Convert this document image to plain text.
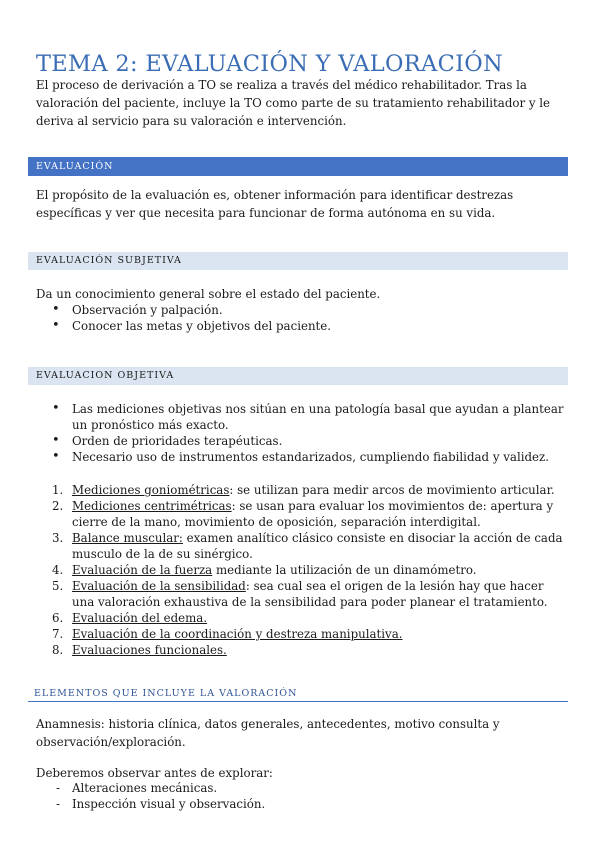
TEMA 2: EVALUACIÓN Y VALORACIÓN

El proceso de derivación a TO se realiza a través del médico rehabilitador. Tras la valoración del paciente, incluye la TO como parte de su tratamiento rehabilitador y le deriva al servicio para su valoración e intervención.

EVALUACIÓN

El propósito de la evaluación es, obtener información para identificar destrezas específicas y ver que necesita para funcionar de forma autónoma en su vida.

EVALUACIÓN SUBJETIVA

Da un conocimiento general sobre el estado del paciente.

• Observación y palpación.
• Conocer las metas y objetivos del paciente.
EVALUACION OBJETIVA
• Las mediciones objetivas nos sitúan en una patología basal que ayudan a plantear un pronóstico más exacto.
• Orden de prioridades terapéuticas.
• Necesario uso de instrumentos estandarizados, cumpliendo fiabilidad y validez.
1. Mediciones goniométricas: se utilizan para medir arcos de movimiento articular.
2. Mediciones centrimétricas: se usan para evaluar los movimientos de: apertura y cierre de la mano, movimiento de oposición, separación interdigital.
3. Balance muscular: examen analítico clásico consiste en disociar la acción de cada musculo de la de su sinérgico.
4. Evaluación de la fuerza mediante la utilización de un dinamómetro.
5. Evaluación de la sensibilidad: sea cual sea el origen de la lesión hay que hacer una valoración exhaustiva de la sensibilidad para poder planear el tratamiento.
6. Evaluación del edema.
7. Evaluación de la coordinación y destreza manipulativa.
8. Evaluaciones funcionales.
ELEMENTOS QUE INCLUYE LA VALORACIÓN

Anamnesis: historia clínica, datos generales, antecedentes, motivo consulta y observación/exploración.

Deberemos observar antes de explorar:

- Alteraciones mecánicas.
- Inspección visual y observación.
